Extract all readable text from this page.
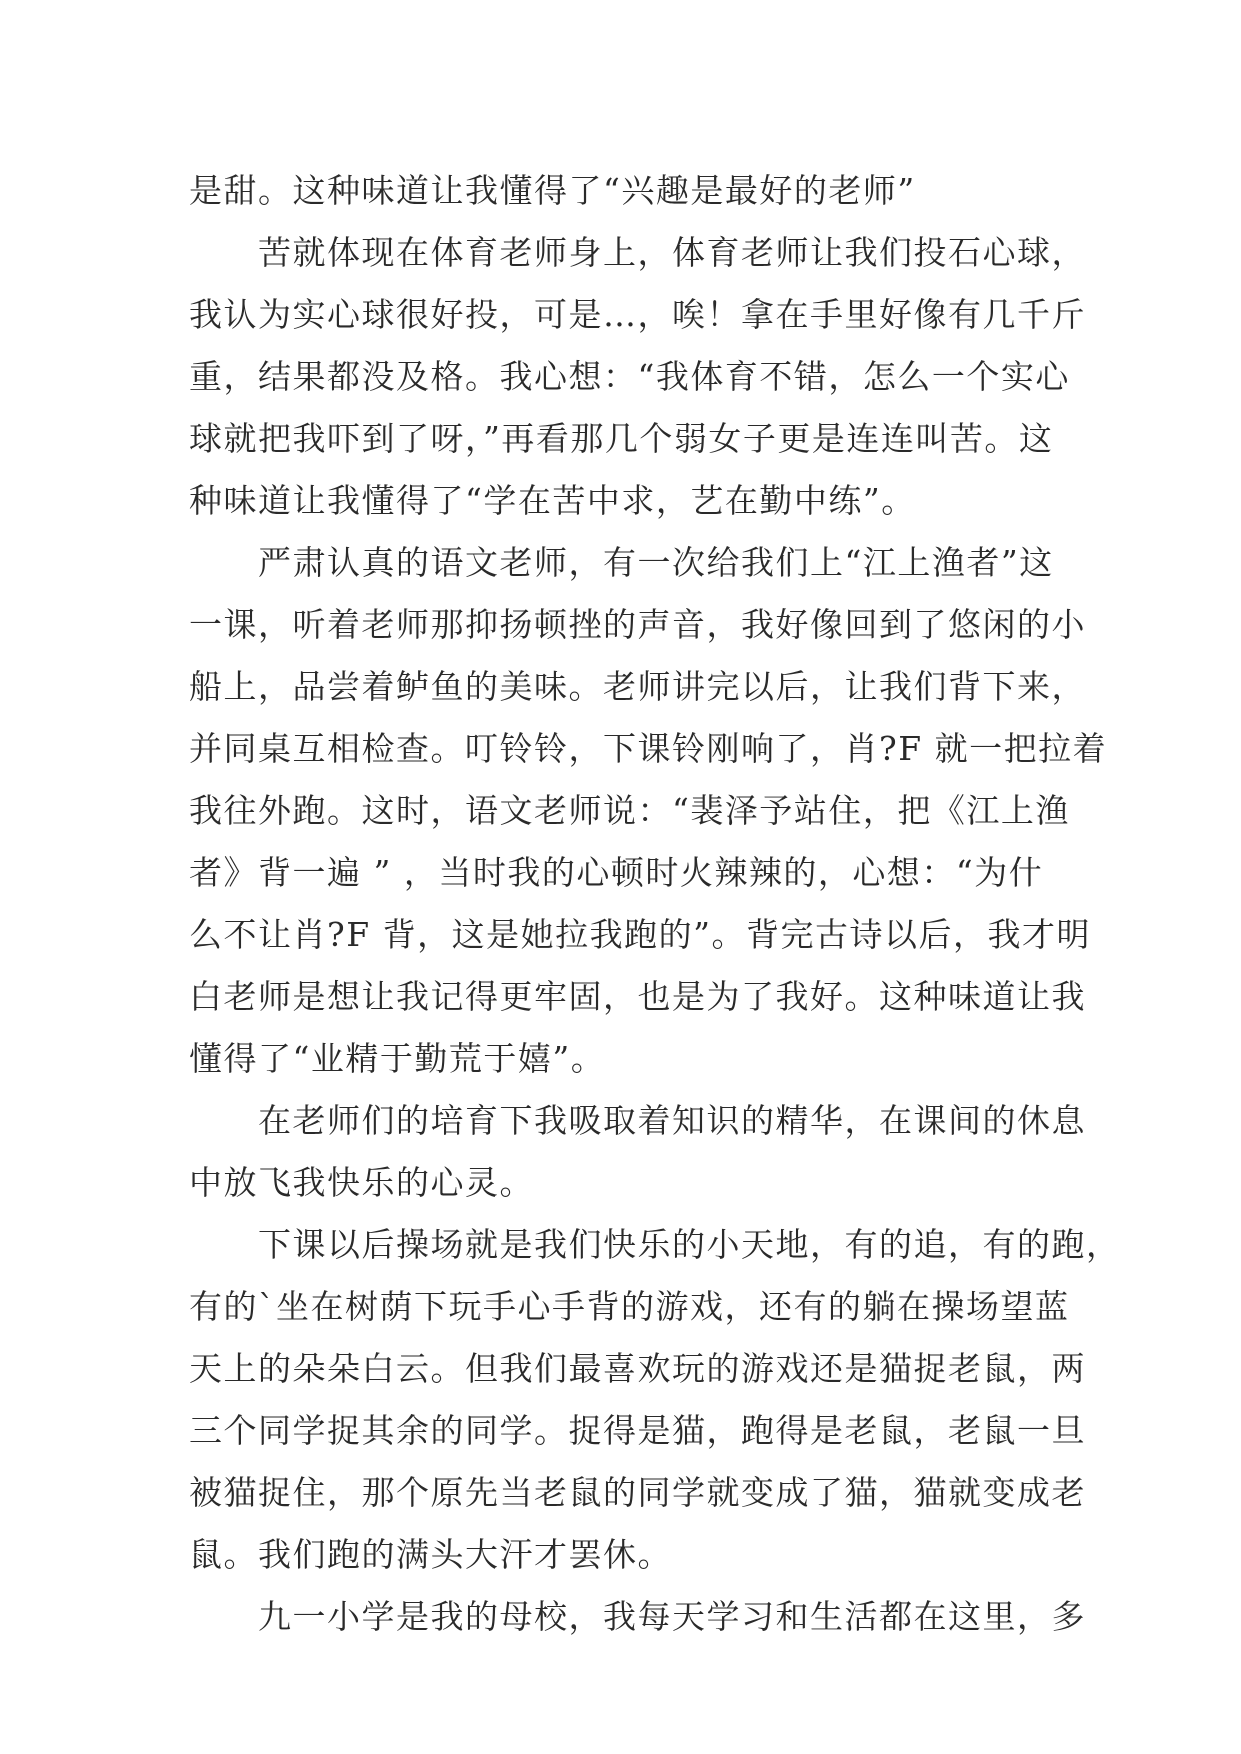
是甜。这种味道让我懂得了“兴趣是最好的老师”
　　苦就体现在体育老师身上，体育老师让我们投石心球，
我认为实心球很好投，可是…，唉！拿在手里好像有几千斤
重，结果都没及格。我心想：“我体育不错，怎么一个实心
球就把我吓到了呀，”再看那几个弱女子更是连连叫苦。这
种味道让我懂得了“学在苦中求，艺在勤中练”。
　　严肃认真的语文老师，有一次给我们上“江上渔者”这
一课，听着老师那抑扬顿挫的声音，我好像回到了悠闲的小
船上，品尝着鲈鱼的美味。老师讲完以后，让我们背下来，
并同桌互相检查。叮铃铃，下课铃刚响了，肖?F 就一把拉着
我往外跑。这时，语文老师说：“裴泽予站住，把《江上渔
者》背一遍 ” ，当时我的心顿时火辣辣的，心想：“为什
么不让肖?F 背，这是她拉我跑的”。背完古诗以后，我才明
白老师是想让我记得更牢固，也是为了我好。这种味道让我
懂得了“业精于勤荒于嬉”。
　　在老师们的培育下我吸取着知识的精华，在课间的休息
中放飞我快乐的心灵。
　　下课以后操场就是我们快乐的小天地，有的追，有的跑，
有的`坐在树荫下玩手心手背的游戏，还有的躺在操场望蓝
天上的朵朵白云。但我们最喜欢玩的游戏还是猫捉老鼠，两
三个同学捉其余的同学。捉得是猫，跑得是老鼠，老鼠一旦
被猫捉住，那个原先当老鼠的同学就变成了猫，猫就变成老
鼠。我们跑的满头大汗才罢休。
　　九一小学是我的母校，我每天学习和生活都在这里，多
